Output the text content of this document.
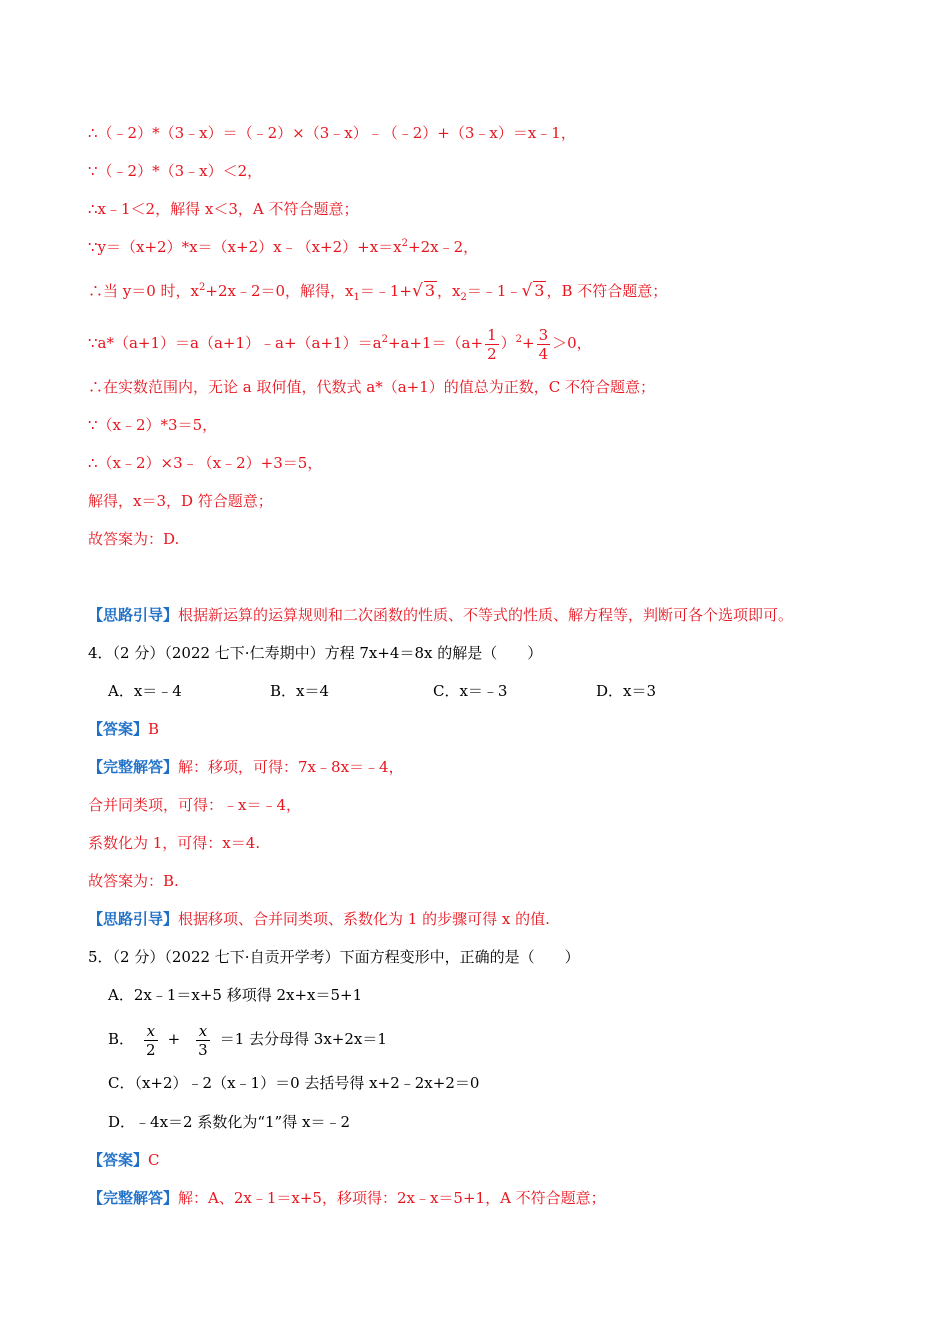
∴（﹣2）*（3﹣x）＝（﹣2）×（3﹣x）﹣（﹣2）+（3﹣x）＝x﹣1，
∵（﹣2）*（3﹣x）＜2，
∴x﹣1＜2，解得 x＜3，A 不符合题意；
$\because y=(x+2)*x=(x+2)x﹣(x+2)+x=x^2+2x﹣2$，
∴当 y＝0 时，$x^2+2x﹣2=0$，解得，$x_1=﹣1+√$ 3 ，$x_2=﹣1﹣√$ 3 ，B 不符合题意；
$\because a*(a+1)=a(a+1)﹣a+(a+1)=a^2+a+1=(a+ \frac{1}{2} )^2+ \frac{3}{4} >0$，
∴在实数范围内，无论 a 取何值，代数式 a*（a+1）的值总为正数，C 不符合题意；
∵（x﹣2）*3＝5，
∴（x﹣2）×3﹣（x﹣2）+3＝5，
解得，x＝3，D 符合题意；
故答案为：D.
【思路引导】根据新运算的运算规则和二次函数的性质、不等式的性质、解方程等，判断可各个选项即可。
4．（2 分）（2022 七下·仁寿期中）方程 7x+4＝8x 的解是（　　）
A．x＝﹣4	B．x＝4	C．x＝﹣3	D．x＝3
【答案】B
【完整解答】解：移项，可得：7x﹣8x＝﹣4，
合并同类项，可得：﹣x＝﹣4，
系数化为 1，可得：x＝4.
故答案为：B.
【思路引导】根据移项、合并同类项、系数化为 1 的步骤可得 x 的值.
5．（2 分）（2022 七下·自贡开学考）下面方程变形中，正确的是（　　）
A．2x﹣1＝x+5 移项得 2x+x＝5+1
B． $\frac{x}{2} + \frac{x}{3} =1$ 去分母得 3x+2x＝1
C．（x+2）﹣2（x﹣1）＝0 去括号得 x+2﹣2x+2＝0
D．﹣4x＝2 系数化为“1”得 x＝﹣2
【答案】C
【完整解答】解：A、2x﹣1＝x+5，移项得：2x﹣x＝5+1，A 不符合题意；
